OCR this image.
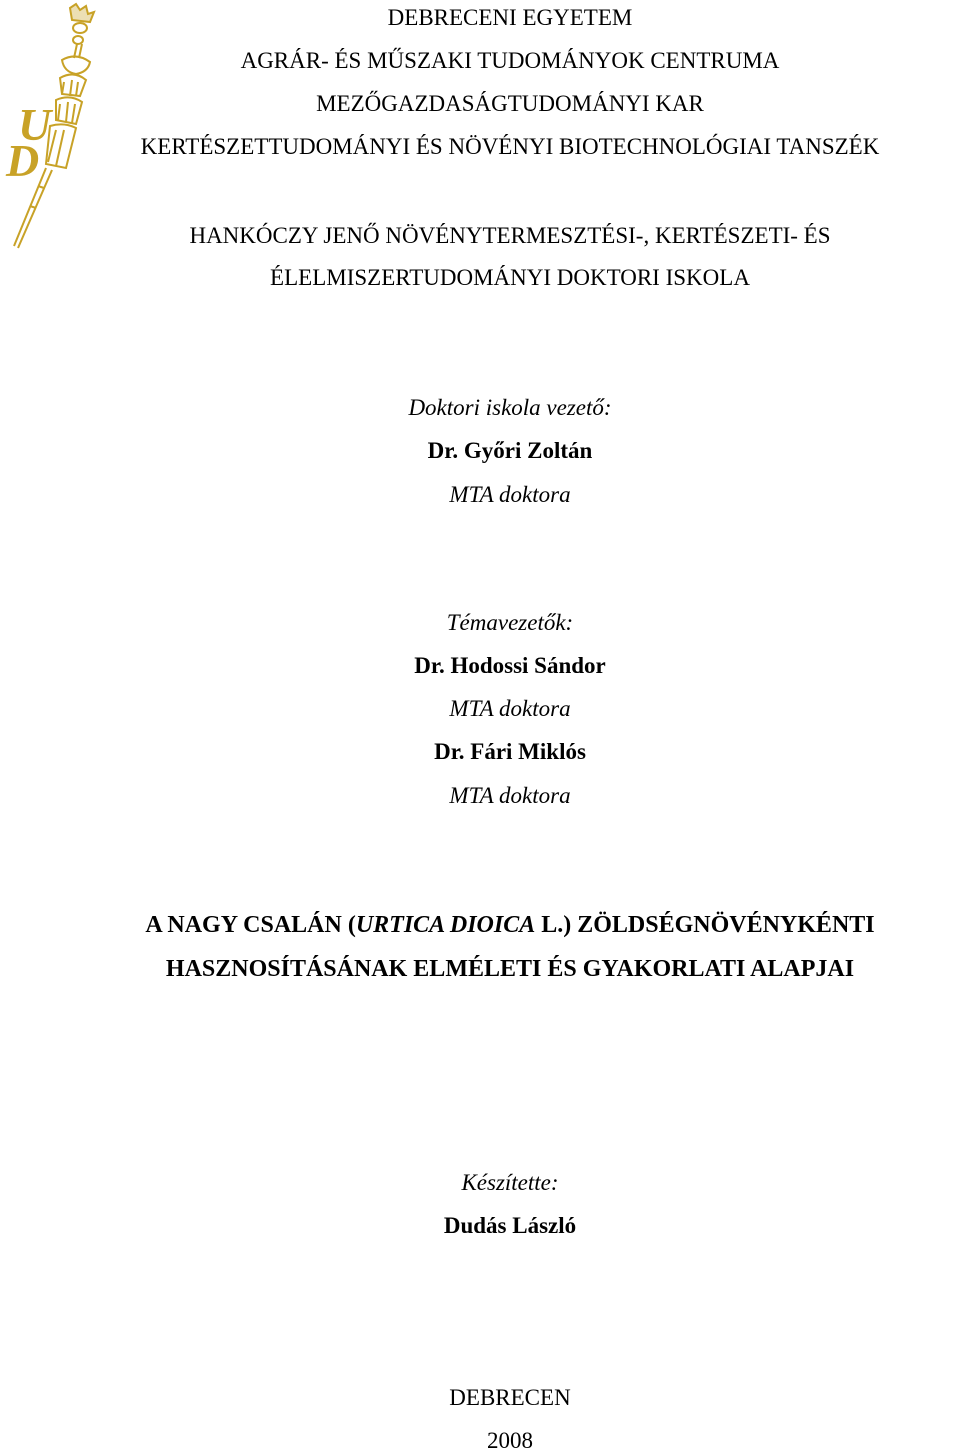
U
D
DEBRECENI EGYETEM
AGRÁR- ÉS MŰSZAKI TUDOMÁNYOK CENTRUMA
MEZŐGAZDASÁGTUDOMÁNYI KAR
KERTÉSZETTUDOMÁNYI ÉS NÖVÉNYI BIOTECHNOLÓGIAI TANSZÉK
HANKÓCZY JENŐ NÖVÉNYTERMESZTÉSI-, KERTÉSZETI- ÉS
ÉLELMISZERTUDOMÁNYI DOKTORI ISKOLA
Doktori iskola vezető:
Dr. Győri Zoltán
MTA doktora
Témavezetők:
Dr. Hodossi Sándor
MTA doktora
Dr. Fári Miklós
MTA doktora
A NAGY CSALÁN (URTICA DIOICA L.) ZÖLDSÉGNÖVÉNYKÉNTI
HASZNOSÍTÁSÁNAK ELMÉLETI ÉS GYAKORLATI ALAPJAI
Készítette:
Dudás László
DEBRECEN
2008
